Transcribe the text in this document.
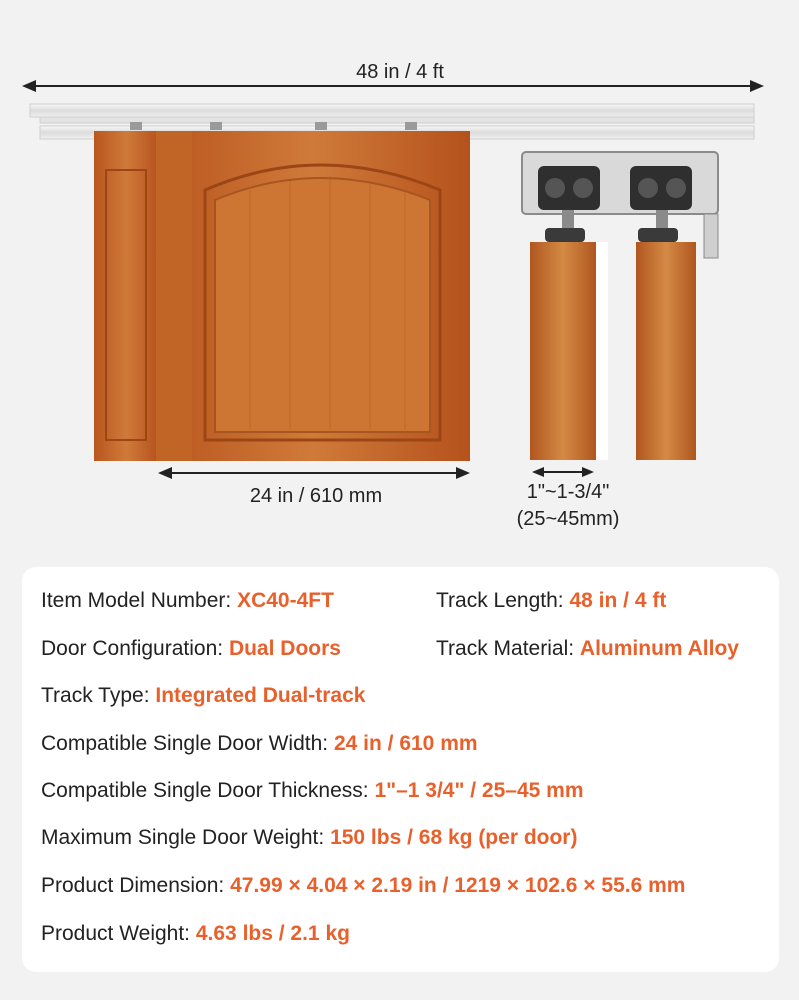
48 in / 4 ft
24 in / 610 mm	1"~1-3/4"
(25~45mm)
Item Model Number: XC40-4FT	Track Length: 48 in / 4 ft
Door Configuration: Dual Doors	Track Material: Aluminum Alloy
Track Type: Integrated Dual-track
Compatible Single Door Width: 24 in / 610 mm
Compatible Single Door Thickness: 1"–1 3/4" / 25–45 mm
Maximum Single Door Weight: 150 lbs / 68 kg (per door)
Product Dimension: 47.99 × 4.04 × 2.19 in / 1219 × 102.6 × 55.6 mm
Product Weight: 4.63 lbs / 2.1 kg
